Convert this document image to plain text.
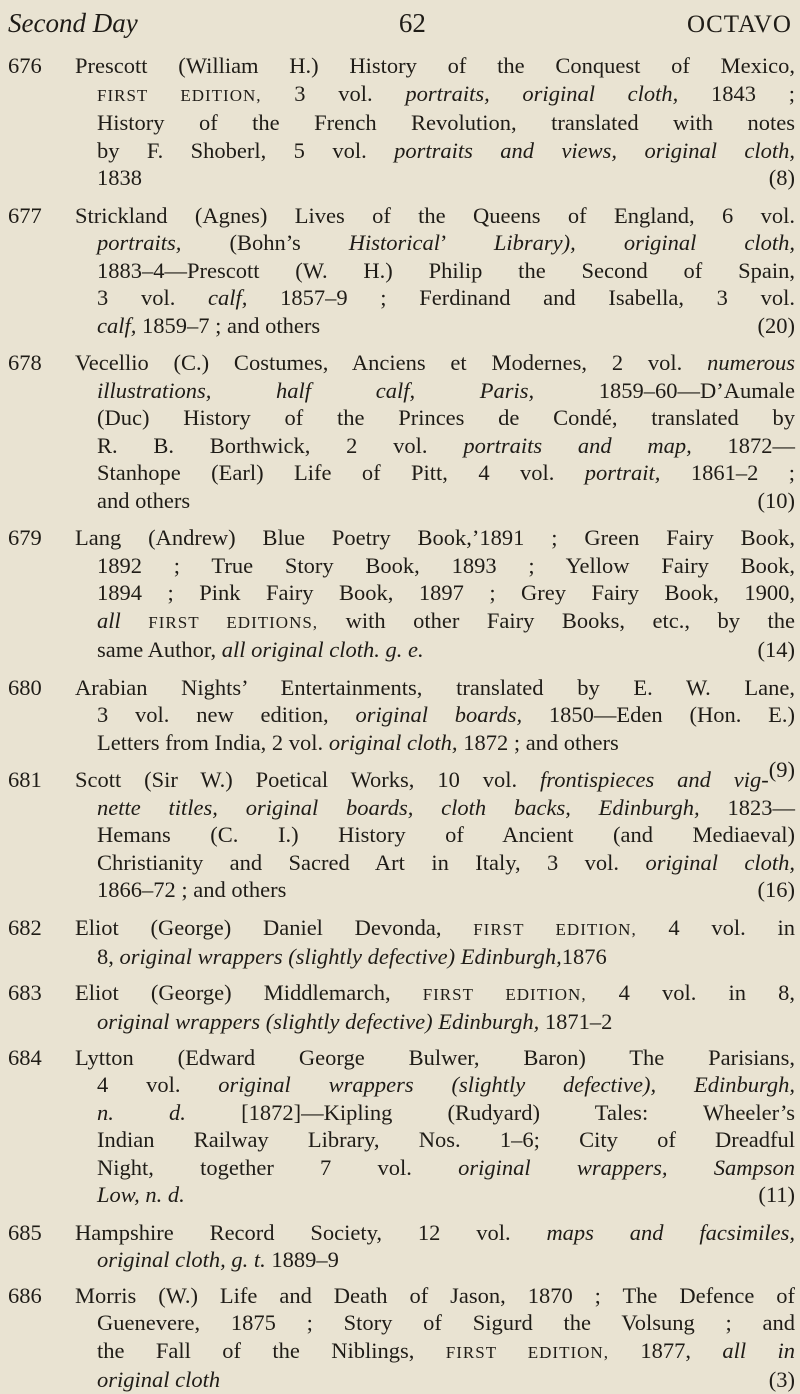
Second Day	62	OCTAVO
676 Prescott (William H.) History of the Conquest of Mexico,
FIRST EDITION, 3 vol. portraits, original cloth, 1843 ;
History of the French Revolution, translated with notes
by F. Shoberl, 5 vol. portraits and views, original cloth,
1838	(8)
677 Strickland (Agnes) Lives of the Queens of England, 6 vol.
portraits, (Bohn’s Historical’ Library), original cloth,
1883–4—Prescott (W. H.) Philip the Second of Spain,
3 vol. calf, 1857–9 ; Ferdinand and Isabella, 3 vol.
calf, 1859–7 ; and others	(20)
678 Vecellio (C.) Costumes, Anciens et Modernes, 2 vol. numerous
illustrations, half calf, Paris, 1859–60—D’Aumale
(Duc) History of the Princes de Condé, translated by
R. B. Borthwick, 2 vol. portraits and map, 1872—
Stanhope (Earl) Life of Pitt, 4 vol. portrait, 1861–2 ;
and others	(10)
679 Lang (Andrew) Blue Poetry Book,’1891 ; Green Fairy Book,
1892 ; True Story Book, 1893 ; Yellow Fairy Book,
1894 ; Pink Fairy Book, 1897 ; Grey Fairy Book, 1900,
all FIRST EDITIONS, with other Fairy Books, etc., by the
same Author, all original cloth. g. e.	(14)
680 Arabian Nights’ Entertainments, translated by E. W. Lane,
3 vol. new edition, original boards, 1850—Eden (Hon. E.)
Letters from India, 2 vol. original cloth, 1872 ; and others
(9)
681 Scott (Sir W.) Poetical Works, 10 vol. frontispieces and vig-
nette titles, original boards, cloth backs, Edinburgh, 1823—
Hemans (C. I.) History of Ancient (and Mediaeval)
Christianity and Sacred Art in Italy, 3 vol. original cloth,
1866–72 ; and others	(16)
682 Eliot (George) Daniel Devonda, FIRST EDITION, 4 vol. in
8, original wrappers (slightly defective) Edinburgh,1876
683 Eliot (George) Middlemarch, FIRST EDITION, 4 vol. in 8,
original wrappers (slightly defective) Edinburgh, 1871–2
684 Lytton (Edward George Bulwer, Baron) The Parisians,
4 vol. original wrappers (slightly defective), Edinburgh,
n. d. [1872]—Kipling (Rudyard) Tales: Wheeler’s
Indian Railway Library, Nos. 1–6; City of Dreadful
Night, together 7 vol. original wrappers, Sampson
Low, n. d.	(11)
685 Hampshire Record Society, 12 vol. maps and facsimiles,
original cloth, g. t. 1889–9
686 Morris (W.) Life and Death of Jason, 1870 ; The Defence of
Guenevere, 1875 ; Story of Sigurd the Volsung ; and
the Fall of the Niblings, FIRST EDITION, 1877, all in
original cloth	(3)
